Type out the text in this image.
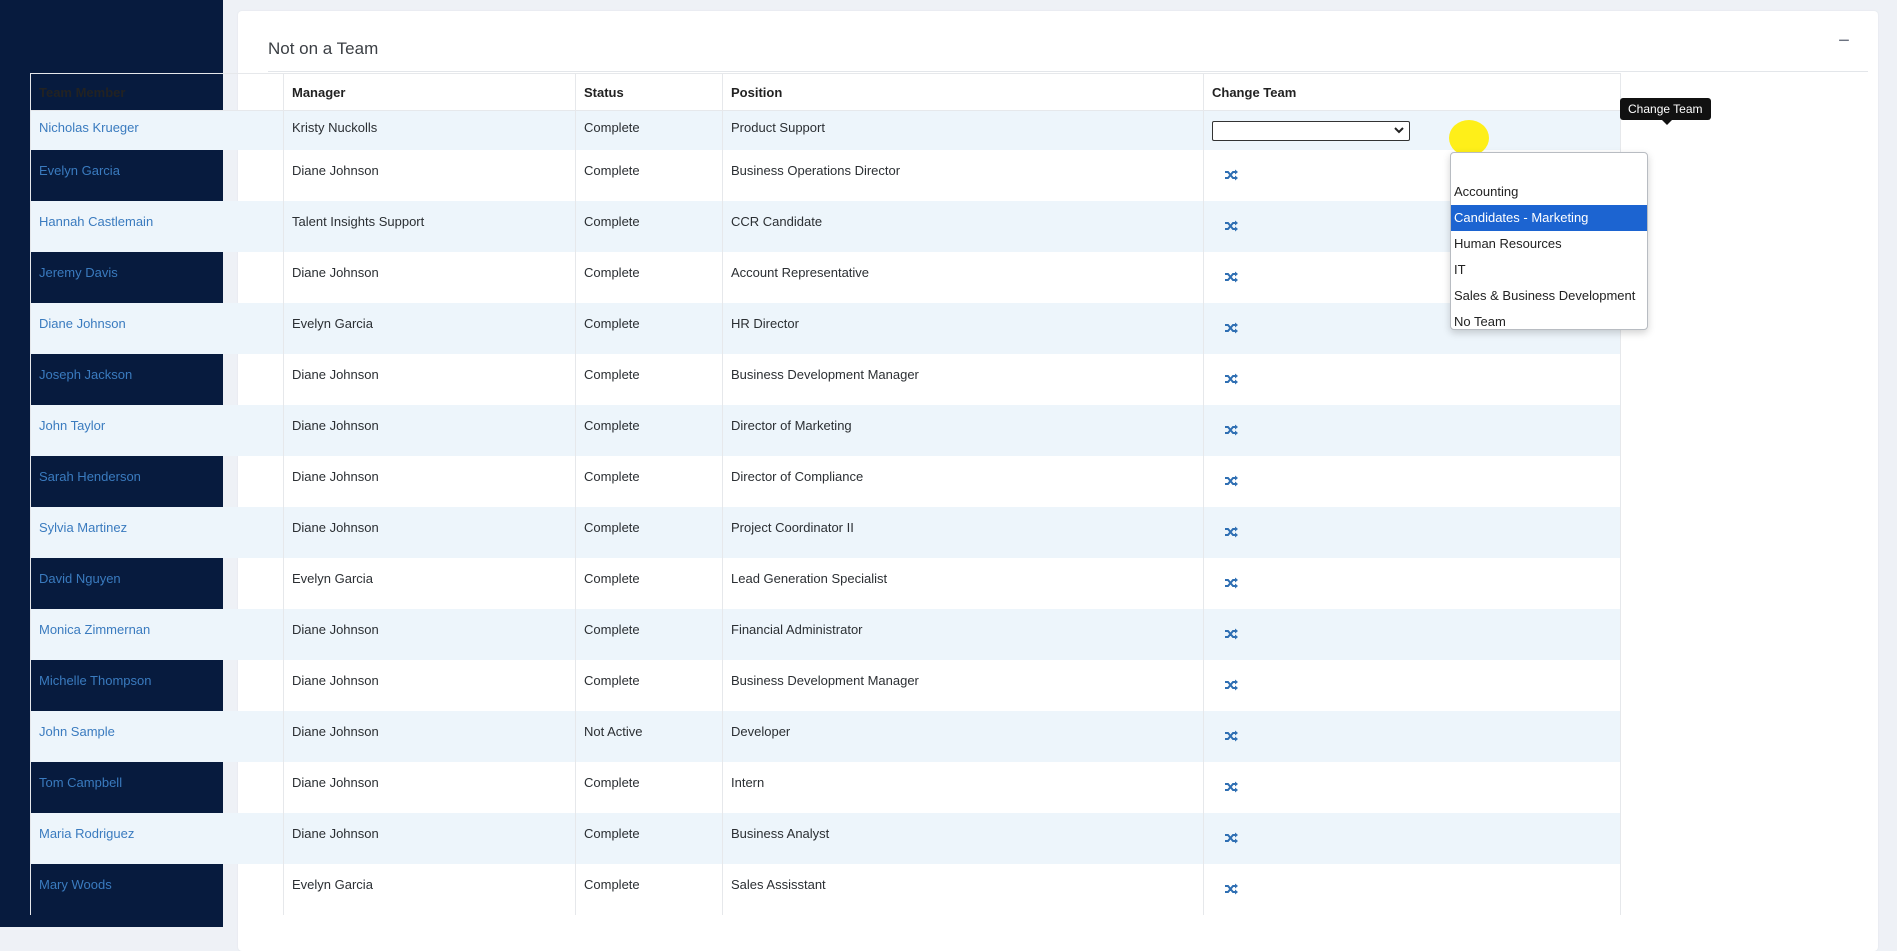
Not on a Team	−
Team Member	Manager	Status	Position	Change Team
Nicholas Krueger	Kristy Nuckolls	Complete	Product Support	

Evelyn Garcia	Diane Johnson	Complete	Business Operations Director	
Hannah Castlemain	Talent Insights Support	Complete	CCR Candidate	
Jeremy Davis	Diane Johnson	Complete	Account Representative	
Diane Johnson	Evelyn Garcia	Complete	HR Director	
Joseph Jackson	Diane Johnson	Complete	Business Development Manager	
John Taylor	Diane Johnson	Complete	Director of Marketing	
Sarah Henderson	Diane Johnson	Complete	Director of Compliance	
Sylvia Martinez	Diane Johnson	Complete	Project Coordinator II	
David Nguyen	Evelyn Garcia	Complete	Lead Generation Specialist	
Monica Zimmernan	Diane Johnson	Complete	Financial Administrator	
Michelle Thompson	Diane Johnson	Complete	Business Development Manager	
John Sample	Diane Johnson	Not Active	Developer	
Tom Campbell	Diane Johnson	Complete	Intern	
Maria Rodriguez	Diane Johnson	Complete	Business Analyst	
Mary Woods	Evelyn Garcia	Complete	Sales Assisstant	
Change Team
Accounting
Candidates - Marketing
Human Resources
IT
Sales & Business Development
No Team
